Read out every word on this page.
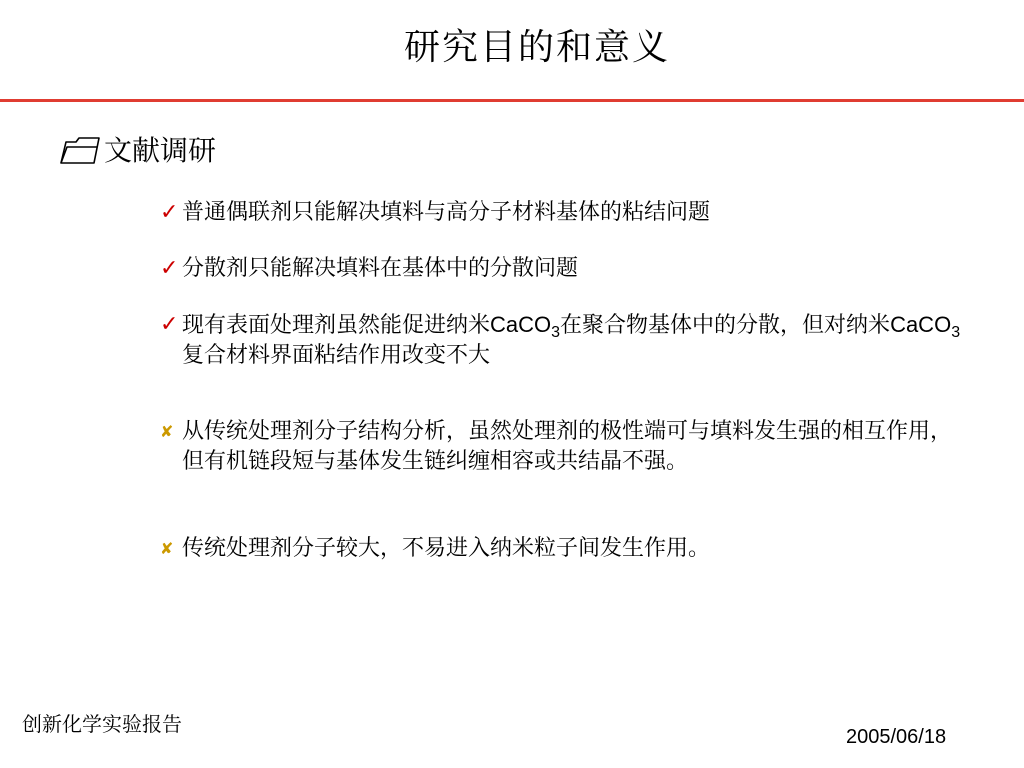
研究目的和意义
文献调研
✓ 普通偶联剂只能解决填料与高分子材料基体的粘结问题
✓ 分散剂只能解决填料在基体中的分散问题
✓ 现有表面处理剂虽然能促进纳米CaCO$_3$在聚合物基体中的分散，但对纳米CaCO$_3$复合材料界面粘结作用改变不大
✘ 从传统处理剂分子结构分析，虽然处理剂的极性端可与填料发生强的相互作用，但有机链段短与基体发生链纠缠相容或共结晶不强。
✘ 传统处理剂分子较大，不易进入纳米粒子间发生作用。
创新化学实验报告
2005/06/18
